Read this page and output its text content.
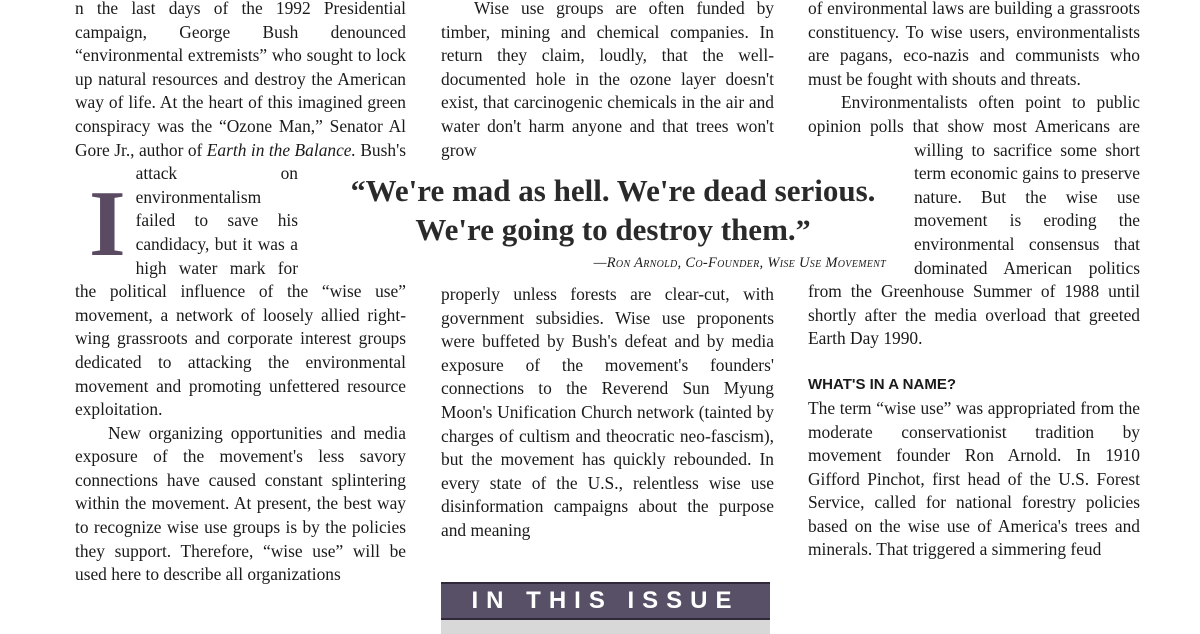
I

n the last days of the 1992 Presidential campaign, George Bush denounced “environmental extremists” who sought to lock up natural resources and destroy the American way of life. At the heart of this imagined green conspiracy was the “Ozone Man,” Senator Al Gore Jr., author of Earth in the Balance. Bush's attack on environmentalism failed to save his candidacy, but it was a high water mark for the political influence of the “wise use” movement, a network of loosely allied right-wing grassroots and corporate interest groups dedicated to attacking the environmental movement and promoting unfettered resource exploitation.

New organizing opportunities and media exposure of the movement's less savory connections have caused constant splintering within the movement. At present, the best way to recognize wise use groups is by the policies they support. Therefore, “wise use” will be used here to describe all organizations

Wise use groups are often funded by timber, mining and chemical companies. In return they claim, loudly, that the well-documented hole in the ozone layer doesn't exist, that carcinogenic chemicals in the air and water don't harm anyone and that trees won't grow

of environmental laws are building a grassroots constituency. To wise users, environmentalists are pagans, eco-nazis and communists who must be fought with shouts and threats.

Environmentalists often point to public opinion polls that show most Americans are willing to sacrifice some short term economic gains to preserve nature. But the wise use movement is eroding the environmental consensus that dominated American politics from the Greenhouse Summer of 1988 until shortly after the media overload that greeted Earth Day 1990.

WHAT'S IN A NAME?

The term “wise use” was appropriated from the moderate conservationist tradition by movement founder Ron Arnold. In 1910 Gifford Pinchot, first head of the U.S. Forest Service, called for national forestry policies based on the wise use of America's trees and minerals. That triggered a simmering feud

“We're mad as hell. We're dead serious.
We're going to destroy them.”
—Ron Arnold, Co-Founder, Wise Use Movement

properly unless forests are clear-cut, with government subsidies. Wise use proponents were buffeted by Bush's defeat and by media exposure of the movement's founders' connections to the Reverend Sun Myung Moon's Unification Church network (tainted by charges of cultism and theocratic neo-fascism), but the movement has quickly rebounded. In every state of the U.S., relentless wise use disinformation campaigns about the purpose and meaning

IN THIS ISSUE
